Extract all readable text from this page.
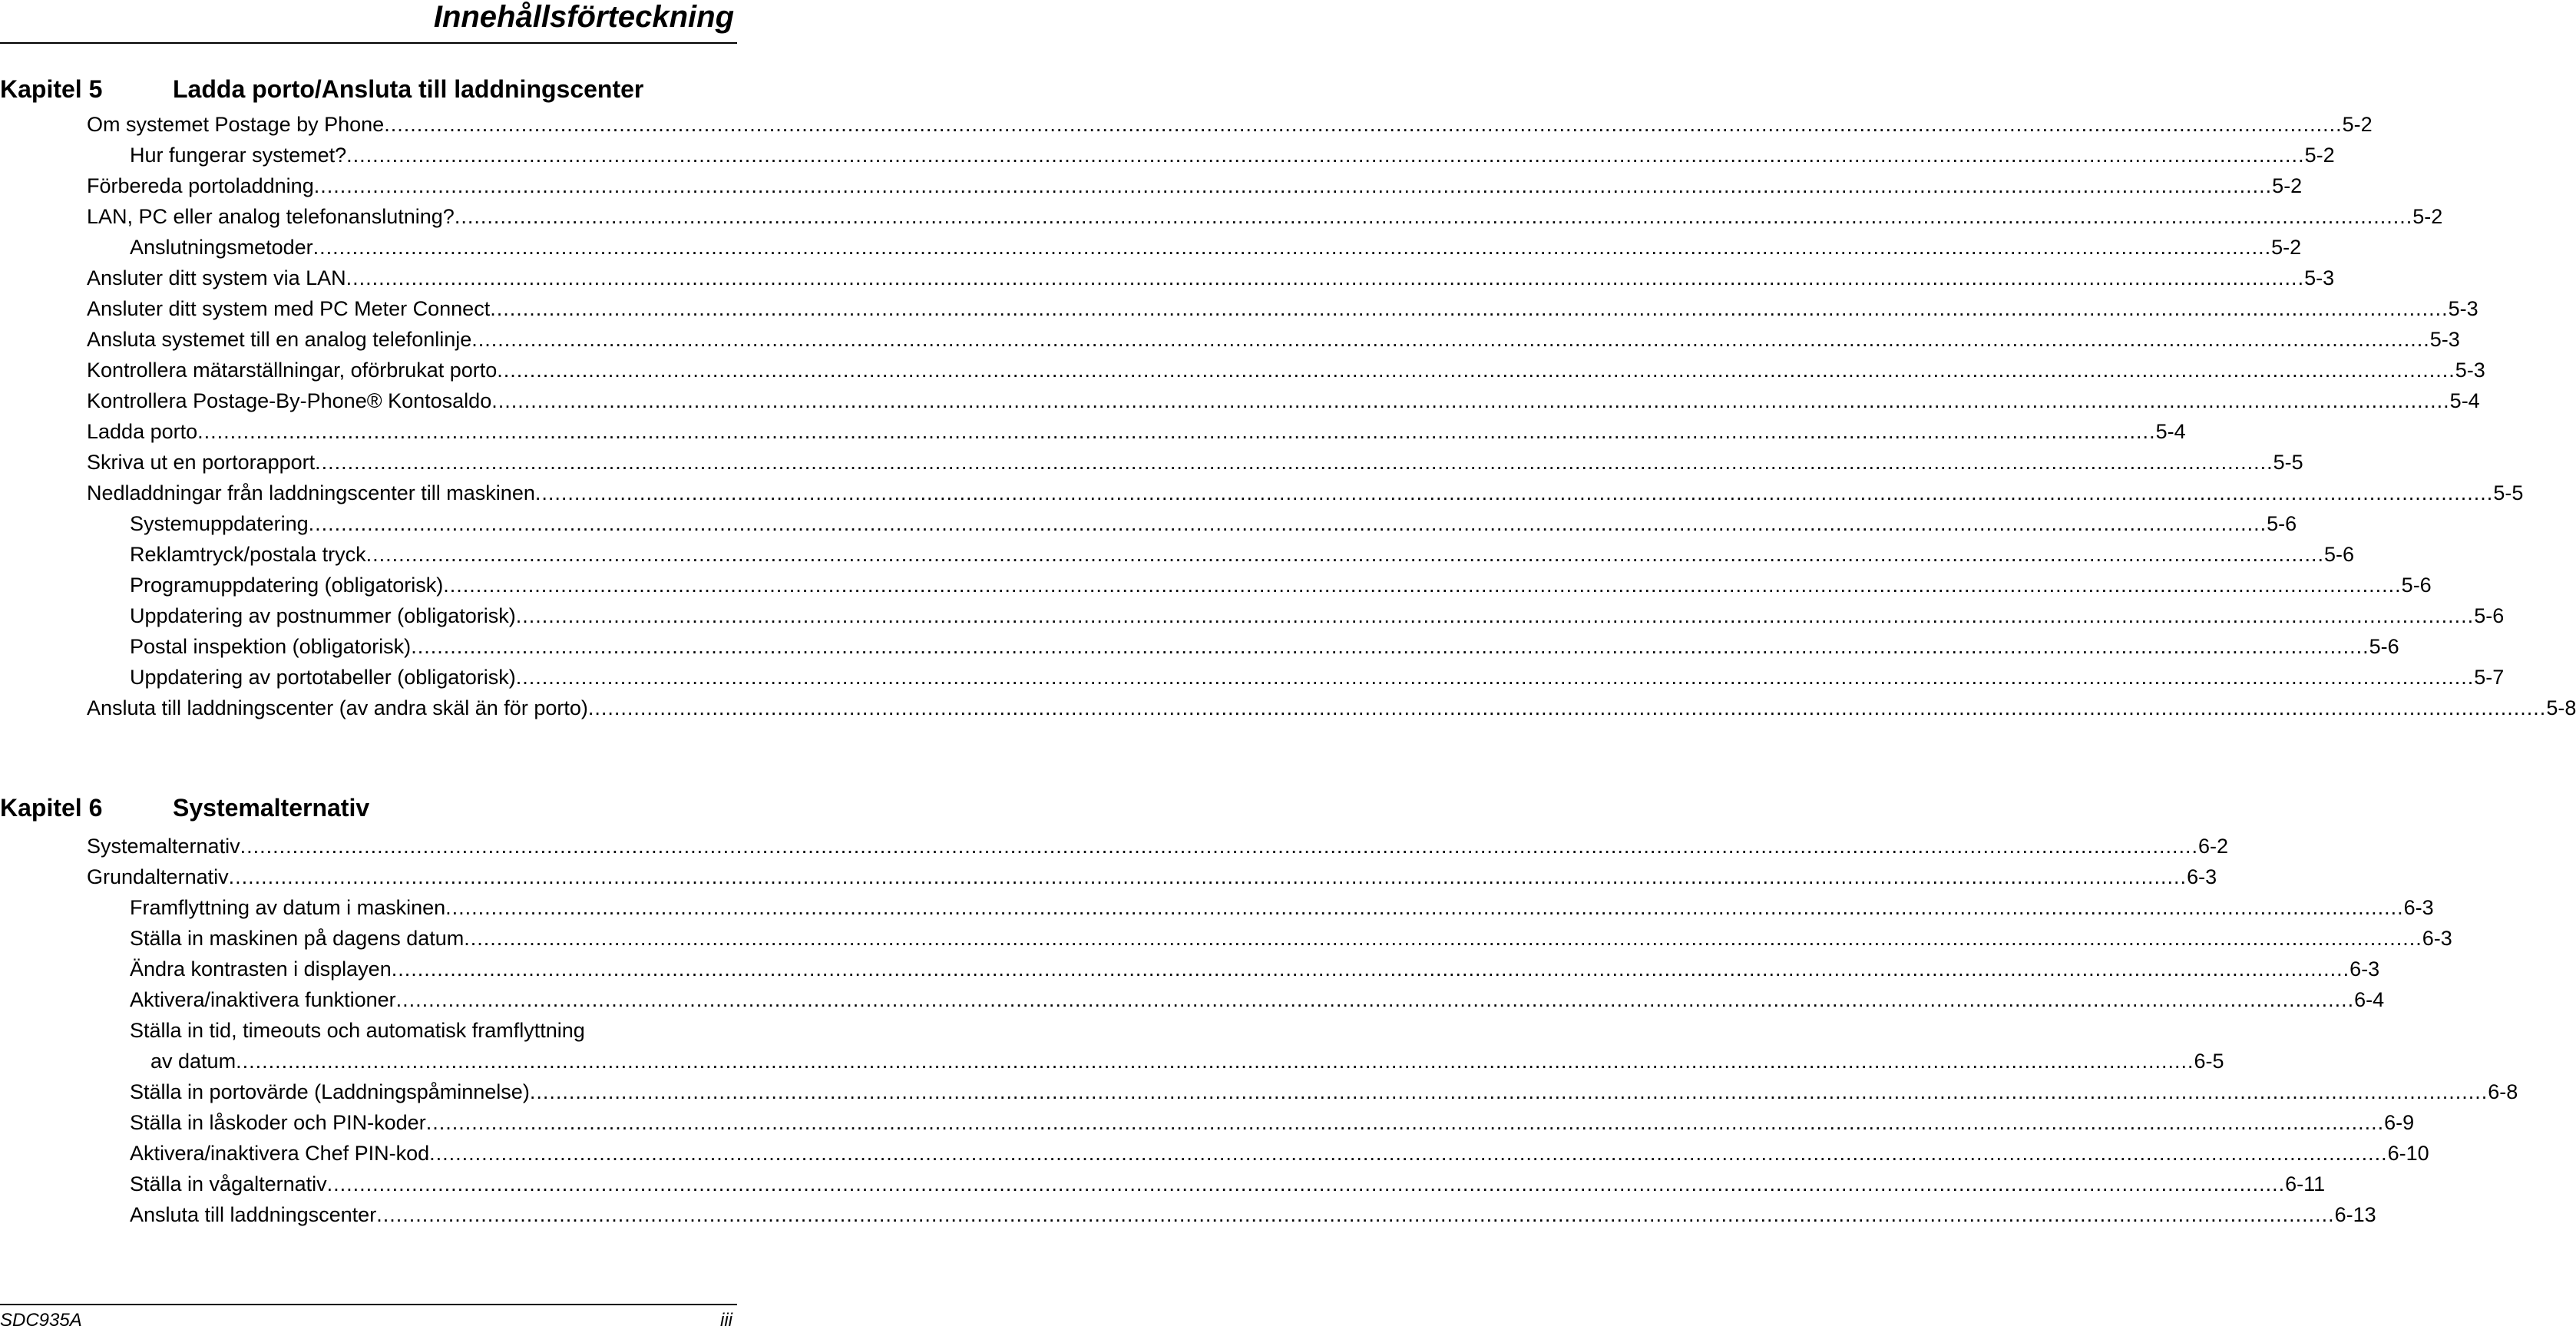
Innehållsförteckning
Kapitel 5	Ladda porto/Ansluta till laddningscenter
Om systemet Postage by Phone ............................................................................................................................................................................................................................................................................................................ 5-2
Hur fungerar systemet? ............................................................................................................................................................................................................................................................................................................ 5-2
Förbereda portoladdning ............................................................................................................................................................................................................................................................................................................ 5-2
LAN, PC eller analog telefonanslutning? ............................................................................................................................................................................................................................................................................................................ 5-2
Anslutningsmetoder ............................................................................................................................................................................................................................................................................................................ 5-2
Ansluter ditt system via LAN ............................................................................................................................................................................................................................................................................................................ 5-3
Ansluter ditt system med PC Meter Connect ............................................................................................................................................................................................................................................................................................................ 5-3
Ansluta systemet till en analog telefonlinje ............................................................................................................................................................................................................................................................................................................ 5-3
Kontrollera mätarställningar, oförbrukat porto ............................................................................................................................................................................................................................................................................................................ 5-3
Kontrollera Postage-By-Phone® Kontosaldo ............................................................................................................................................................................................................................................................................................................ 5-4
Ladda porto ............................................................................................................................................................................................................................................................................................................ 5-4
Skriva ut en portorapport ............................................................................................................................................................................................................................................................................................................ 5-5
Nedladdningar från laddningscenter till maskinen ............................................................................................................................................................................................................................................................................................................ 5-5
Systemuppdatering ............................................................................................................................................................................................................................................................................................................ 5-6
Reklamtryck/postala tryck ............................................................................................................................................................................................................................................................................................................ 5-6
Programuppdatering (obligatorisk) ............................................................................................................................................................................................................................................................................................................ 5-6
Uppdatering av postnummer (obligatorisk) ............................................................................................................................................................................................................................................................................................................ 5-6
Postal inspektion (obligatorisk) ............................................................................................................................................................................................................................................................................................................ 5-6
Uppdatering av portotabeller (obligatorisk) ............................................................................................................................................................................................................................................................................................................ 5-7
Ansluta till laddningscenter (av andra skäl än för porto) ............................................................................................................................................................................................................................................................................................................ 5-8
Kapitel 6	Systemalternativ
Systemalternativ ............................................................................................................................................................................................................................................................................................................ 6-2
Grundalternativ ............................................................................................................................................................................................................................................................................................................ 6-3
Framflyttning av datum i maskinen ............................................................................................................................................................................................................................................................................................................ 6-3
Ställa in maskinen på dagens datum ............................................................................................................................................................................................................................................................................................................ 6-3
Ändra kontrasten i displayen ............................................................................................................................................................................................................................................................................................................ 6-3
Aktivera/inaktivera funktioner ............................................................................................................................................................................................................................................................................................................ 6-4
Ställa in tid, timeouts och automatisk framflyttning
av datum ............................................................................................................................................................................................................................................................................................................ 6-5
Ställa in portovärde (Laddningspåminnelse) ............................................................................................................................................................................................................................................................................................................ 6-8
Ställa in låskoder och PIN-koder ............................................................................................................................................................................................................................................................................................................ 6-9
Aktivera/inaktivera Chef PIN-kod ............................................................................................................................................................................................................................................................................................................ 6-10
Ställa in vågalternativ ............................................................................................................................................................................................................................................................................................................ 6-11
Ansluta till laddningscenter ............................................................................................................................................................................................................................................................................................................ 6-13
SDC935A	iii
